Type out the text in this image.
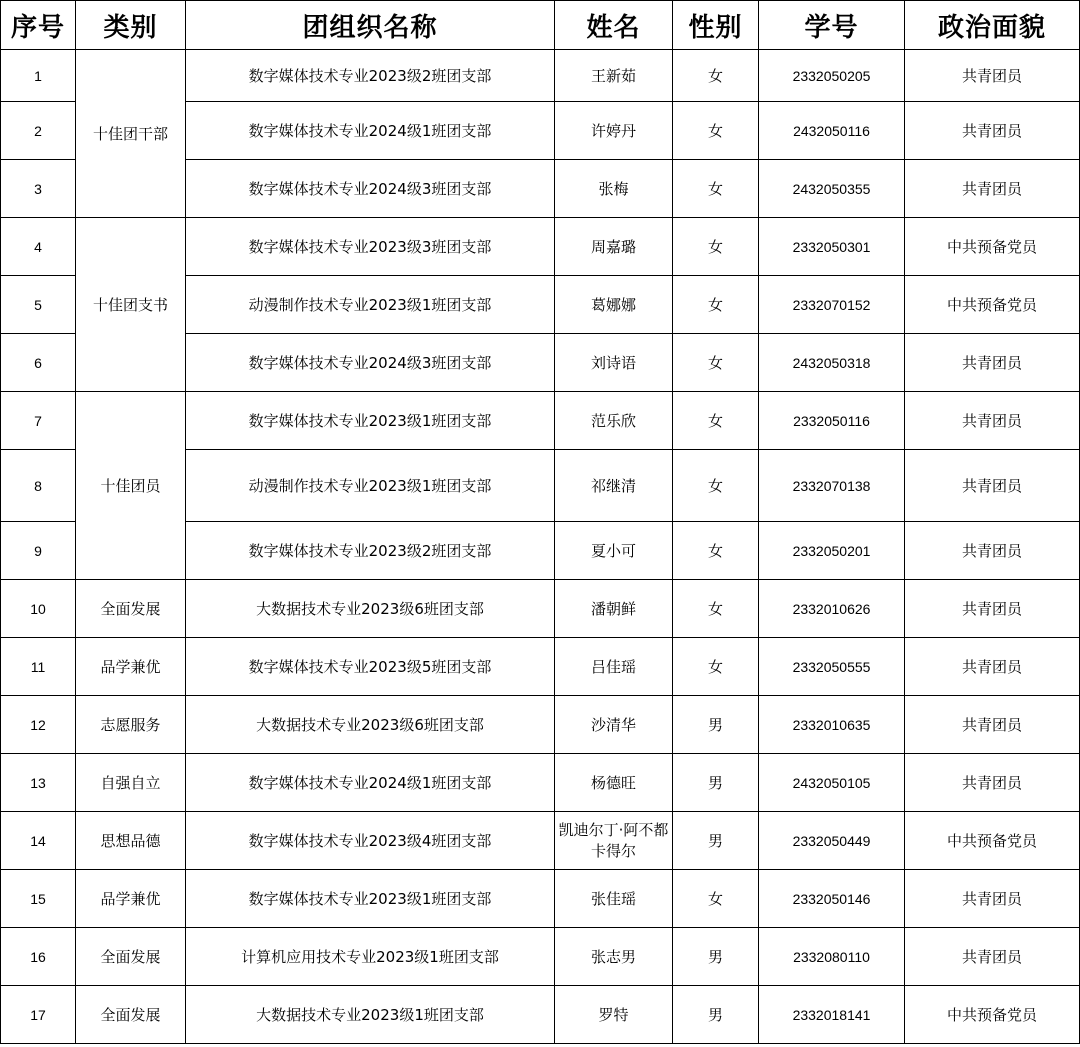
序号	类别	团组织名称	姓名	性别	学号	政治面貌
1	十佳团干部	数字媒体技术专业2023级2班团支部	王新茹	女	2332050205	共青团员
2		数字媒体技术专业2024级1班团支部	许婷丹	女	2432050116	共青团员
3		数字媒体技术专业2024级3班团支部	张梅	女	2432050355	共青团员
4	十佳团支书	数字媒体技术专业2023级3班团支部	周嘉璐	女	2332050301	中共预备党员
5		动漫制作技术专业2023级1班团支部	葛娜娜	女	2332070152	中共预备党员
6		数字媒体技术专业2024级3班团支部	刘诗语	女	2432050318	共青团员
7	十佳团员	数字媒体技术专业2023级1班团支部	范乐欣	女	2332050116	共青团员
8		动漫制作技术专业2023级1班团支部	祁继清	女	2332070138	共青团员
9		数字媒体技术专业2023级2班团支部	夏小可	女	2332050201	共青团员
10	全面发展	大数据技术专业2023级6班团支部	潘朝鲜	女	2332010626	共青团员
11	品学兼优	数字媒体技术专业2023级5班团支部	吕佳瑶	女	2332050555	共青团员
12	志愿服务	大数据技术专业2023级6班团支部	沙清华	男	2332010635	共青团员
13	自强自立	数字媒体技术专业2024级1班团支部	杨德旺	男	2432050105	共青团员
14	思想品德	数字媒体技术专业2023级4班团支部	凯迪尔丁·阿不都卡得尔	男	2332050449	中共预备党员
15	品学兼优	数字媒体技术专业2023级1班团支部	张佳瑶	女	2332050146	共青团员
16	全面发展	计算机应用技术专业2023级1班团支部	张志男	男	2332080110	共青团员
17	全面发展	大数据技术专业2023级1班团支部	罗特	男	2332018141	中共预备党员
